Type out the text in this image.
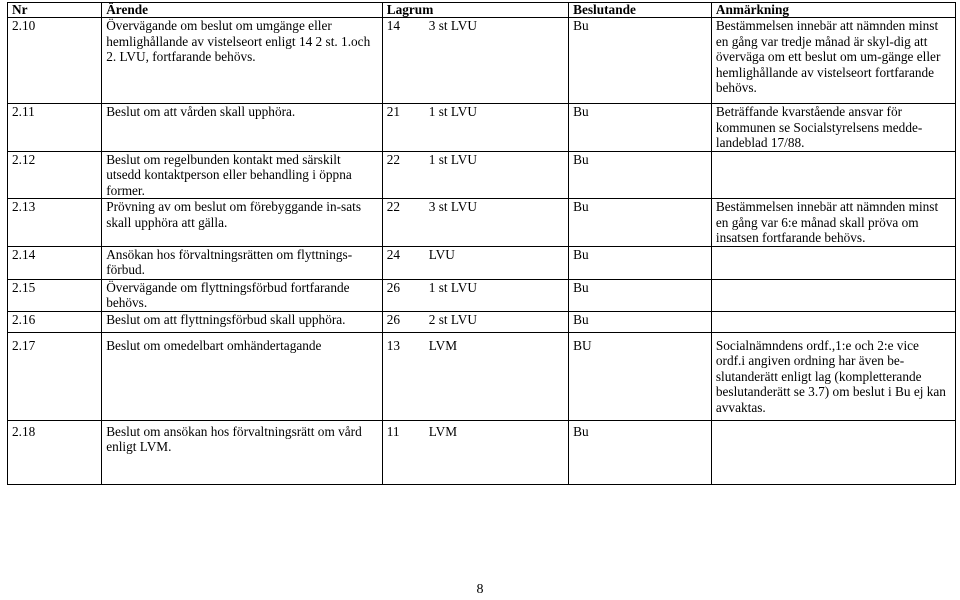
Nr	Ärende	Lagrum	Beslutande	Anmärkning
2.10	Övervägande om beslut om umgänge eller hemlighållande av vistelseort enligt 14 2 st. 1.och 2. LVU, fortfarande behövs.	14 3 st LVU	Bu	Bestämmelsen innebär att nämnden minst en gång var tredje månad är skyl-dig att överväga om ett beslut om um-gänge eller hemlighållande av vistelseort fortfarande behövs.
2.11	Beslut om att vården skall upphöra.	21 1 st LVU	Bu	Beträffande kvarstående ansvar för kommunen se Socialstyrelsens medde-landeblad 17/88.
2.12	Beslut om regelbunden kontakt med särskilt utsedd kontaktperson eller behandling i öppna former.	22 1 st LVU	Bu	
2.13	Prövning av om beslut om förebyggande in-sats skall upphöra att gälla.	22 3 st LVU	Bu	Bestämmelsen innebär att nämnden minst en gång var 6:e månad skall pröva om insatsen fortfarande behövs.
2.14	Ansökan hos förvaltningsrätten om flyttnings-förbud.	24 LVU	Bu	
2.15	Övervägande om flyttningsförbud fortfarande behövs.	26 1 st LVU	Bu	
2.16	Beslut om att flyttningsförbud skall upphöra.	26 2 st LVU	Bu	
2.17	Beslut om omedelbart omhändertagande	13 LVM	BU	Socialnämndens ordf.,1:e och 2:e vice ordf.i angiven ordning har även be-slutanderätt enligt lag (kompletterande beslutanderätt se 3.7) om beslut i Bu ej kan avvaktas.
2.18	Beslut om ansökan hos förvaltningsrätt om vård enligt LVM.	11 LVM	Bu	
8
